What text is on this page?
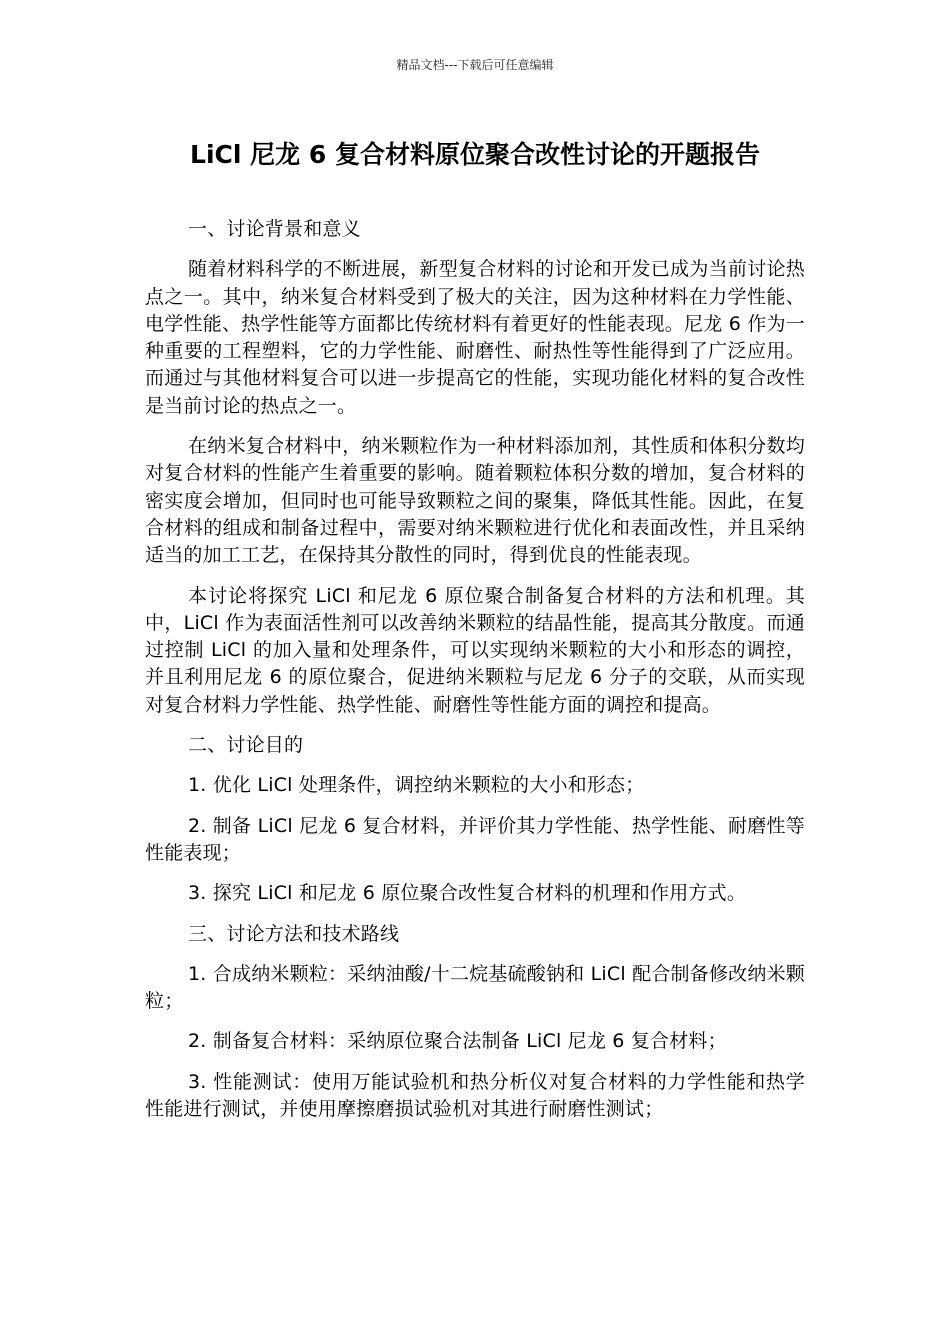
精品文档---下载后可任意编辑
LiCl 尼龙 6 复合材料原位聚合改性讨论的开题报告

一、讨论背景和意义

随着材料科学的不断进展，新型复合材料的讨论和开发已成为当前讨论热点之一。其中，纳米复合材料受到了极大的关注，因为这种材料在力学性能、电学性能、热学性能等方面都比传统材料有着更好的性能表现。尼龙 6 作为一种重要的工程塑料，它的力学性能、耐磨性、耐热性等性能得到了广泛应用。而通过与其他材料复合可以进一步提高它的性能，实现功能化材料的复合改性是当前讨论的热点之一。

在纳米复合材料中，纳米颗粒作为一种材料添加剂，其性质和体积分数均对复合材料的性能产生着重要的影响。随着颗粒体积分数的增加，复合材料的密实度会增加，但同时也可能导致颗粒之间的聚集，降低其性能。因此，在复合材料的组成和制备过程中，需要对纳米颗粒进行优化和表面改性，并且采纳适当的加工工艺，在保持其分散性的同时，得到优良的性能表现。

本讨论将探究 LiCl 和尼龙 6 原位聚合制备复合材料的方法和机理。其中，LiCl 作为表面活性剂可以改善纳米颗粒的结晶性能，提高其分散度。而通过控制 LiCl 的加入量和处理条件，可以实现纳米颗粒的大小和形态的调控，并且利用尼龙 6 的原位聚合，促进纳米颗粒与尼龙 6 分子的交联，从而实现对复合材料力学性能、热学性能、耐磨性等性能方面的调控和提高。

二、讨论目的

1. 优化 LiCl 处理条件，调控纳米颗粒的大小和形态；

2. 制备 LiCl 尼龙 6 复合材料，并评价其力学性能、热学性能、耐磨性等性能表现；

3. 探究 LiCl 和尼龙 6 原位聚合改性复合材料的机理和作用方式。

三、讨论方法和技术路线

1. 合成纳米颗粒：采纳油酸/十二烷基硫酸钠和 LiCl 配合制备修改纳米颗粒；

2. 制备复合材料：采纳原位聚合法制备 LiCl 尼龙 6 复合材料；

3. 性能测试：使用万能试验机和热分析仪对复合材料的力学性能和热学性能进行测试，并使用摩擦磨损试验机对其进行耐磨性测试；
